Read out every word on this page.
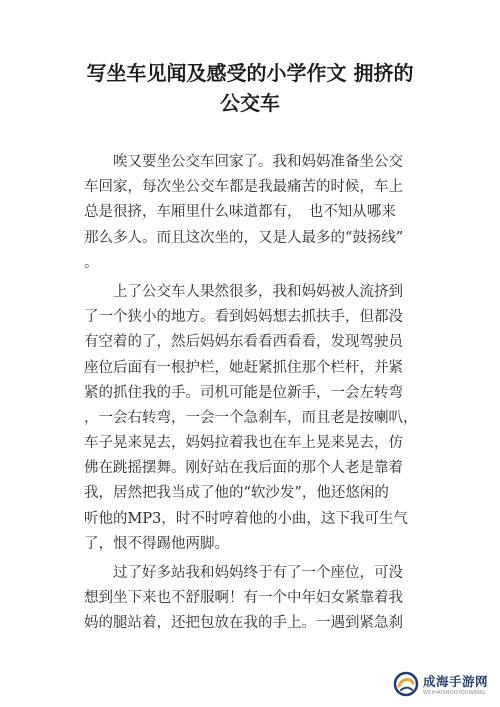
写坐车见闻及感受的小学作文 拥挤的
公交车
　　唉又要坐公交车回家了。我和妈妈准备坐公交
车回家，每次坐公交车都是我最痛苦的时候，车上
总是很挤，车厢里什么味道都有，　也不知从哪来
那么多人。而且这次坐的，又是人最多的“鼓扬线”
。
　　上了公交车人果然很多，我和妈妈被人流挤到
了一个狭小的地方。看到妈妈想去抓扶手，但都没
有空着的了，然后妈妈东看看西看看，发现驾驶员
座位后面有一根护栏，她赶紧抓住那个栏杆，并紧
紧的抓住我的手。司机可能是位新手，一会左转弯
，一会右转弯，一会一个急刹车，而且老是按喇叭，
车子晃来晃去，妈妈拉着我也在车上晃来晃去，仿
佛在跳摇摆舞。刚好站在我后面的那个人老是靠着
我，居然把我当成了他的“软沙发”，他还悠闲的
听他的MP3，时不时哼着他的小曲，这下我可生气
了，恨不得踢他两脚。
　　过了好多站我和妈妈终于有了一个座位，可没
想到坐下来也不舒服啊！有一个中年妇女紧靠着我
妈的腿站着，还把包放在我的手上。一遇到紧急刹
成海手游网
WEIHAISHOUYOUWANG
